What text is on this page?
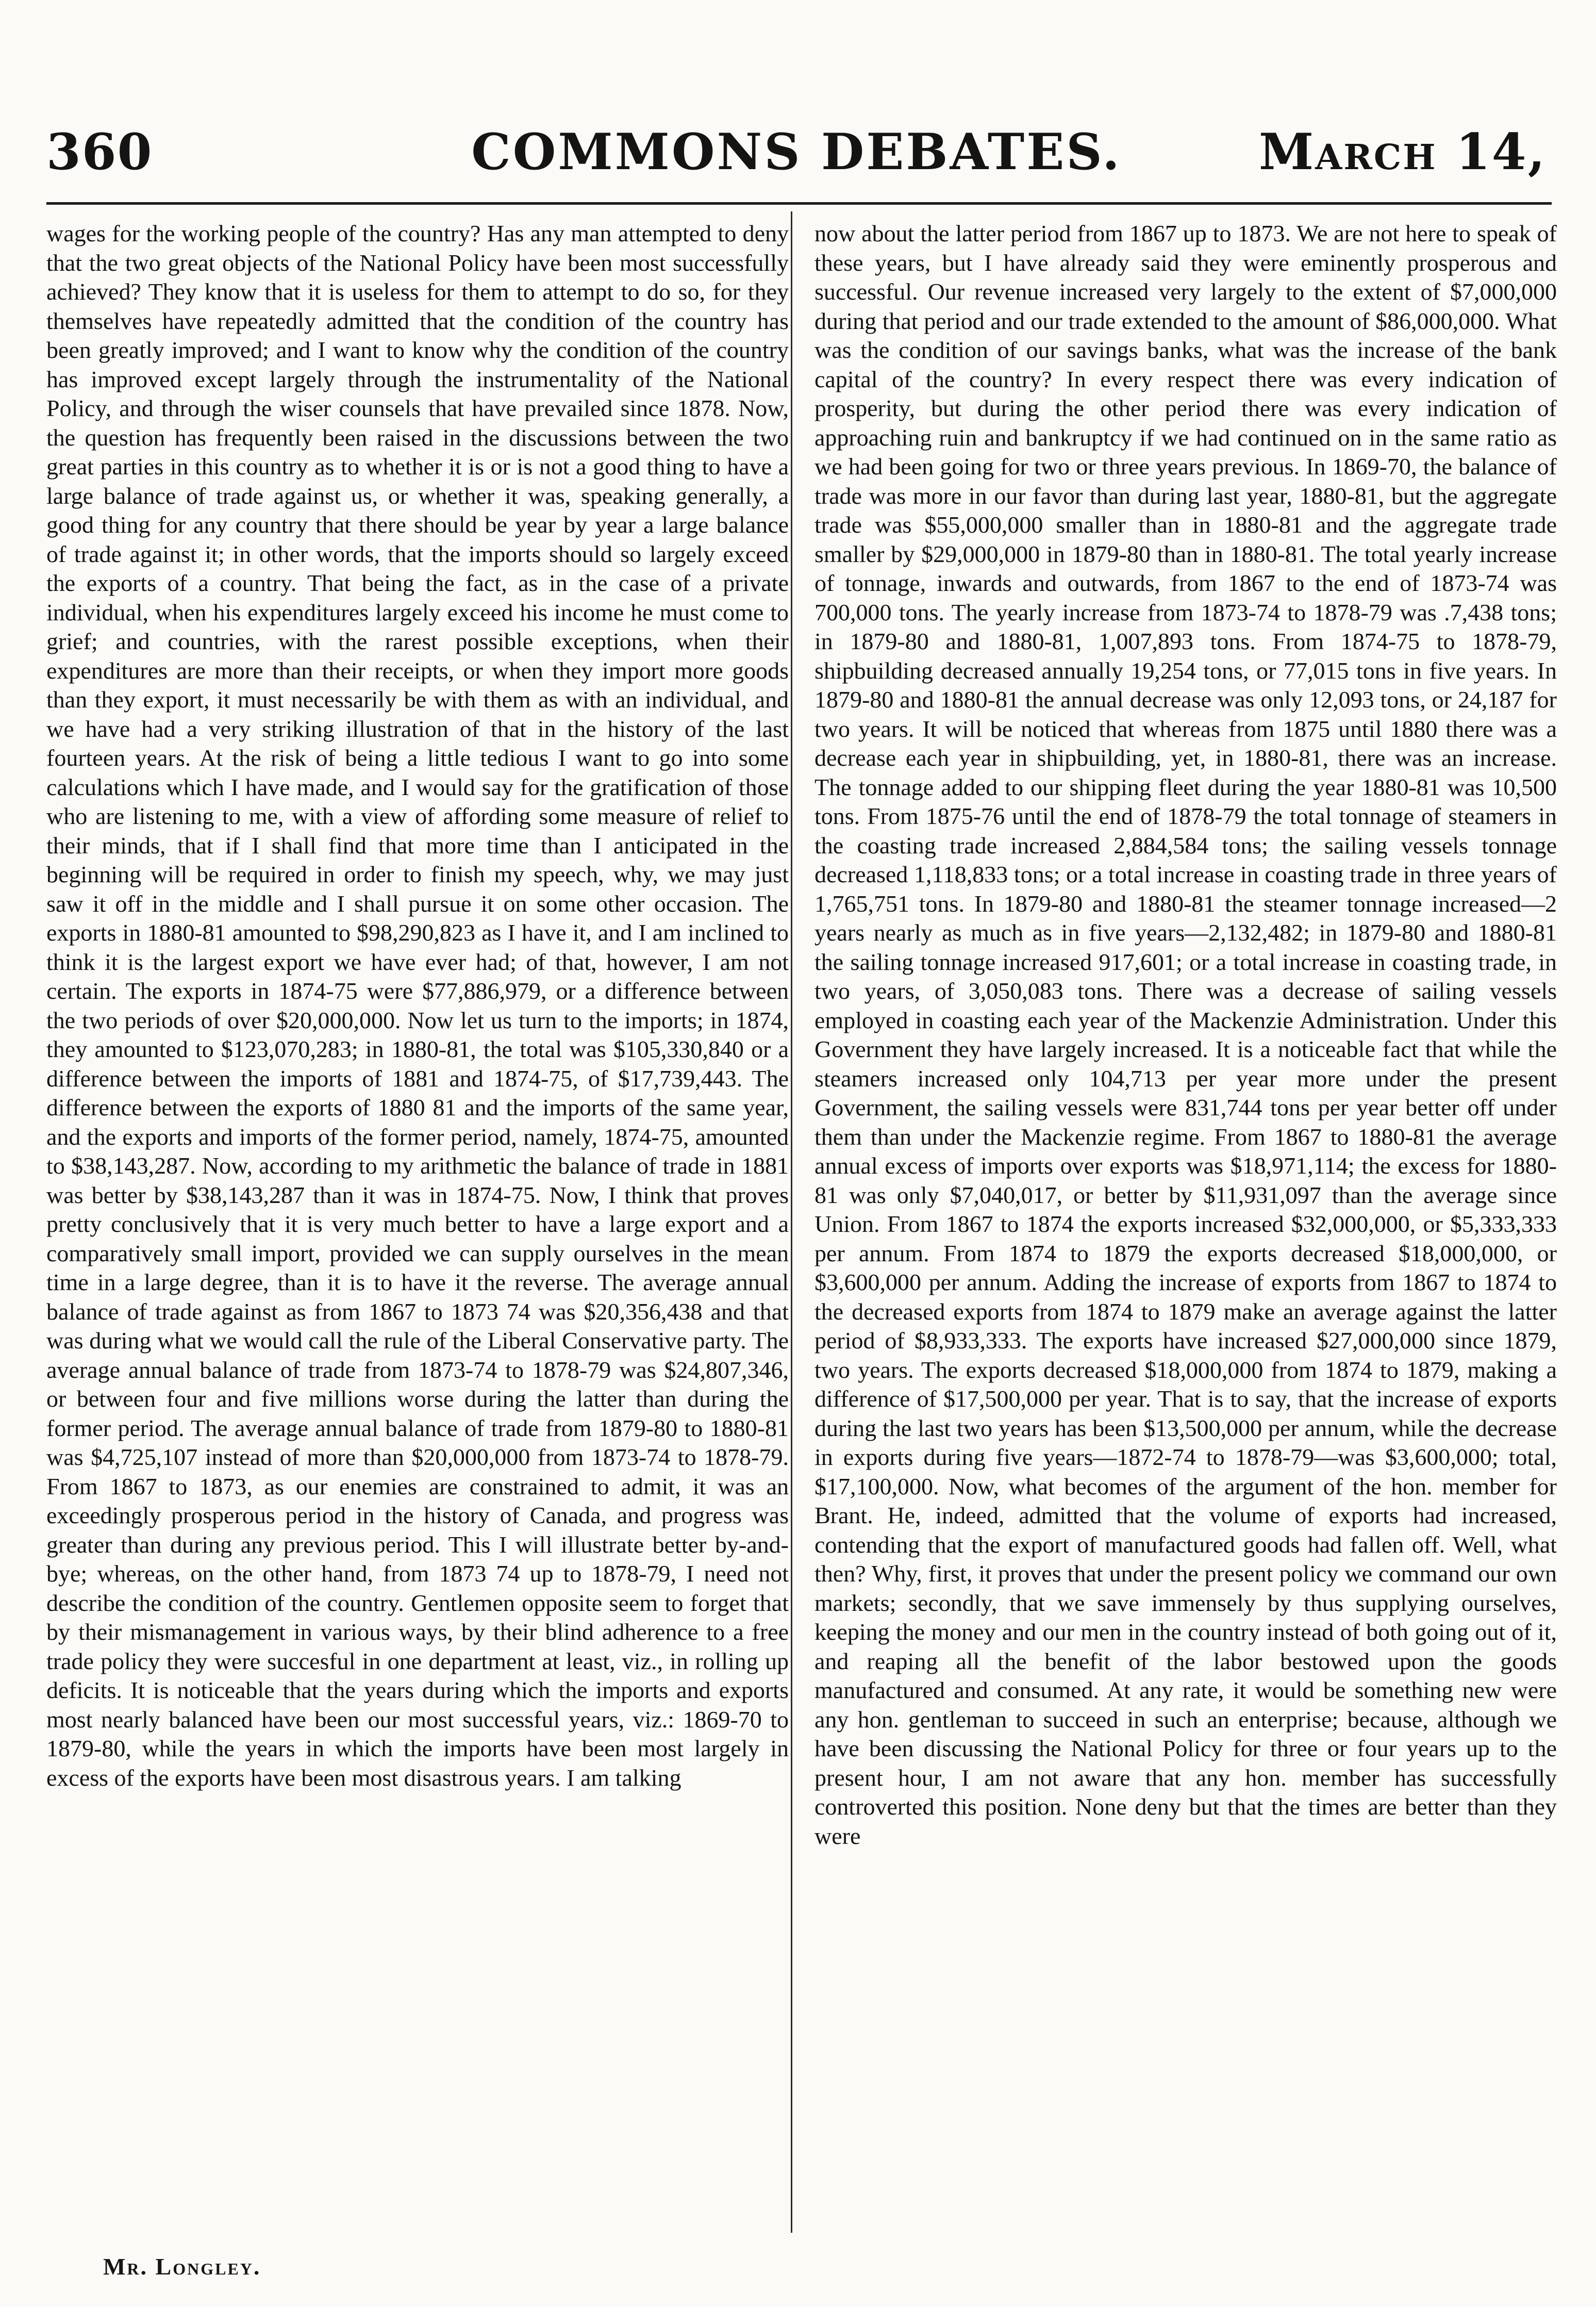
360	COMMONS DEBATES.	March 14,

wages for the working people of the country? Has any man attempted to deny that the two great objects of the National Policy have been most successfully achieved? They know that it is useless for them to attempt to do so, for they themselves have repeatedly admitted that the condition of the country has been greatly improved; and I want to know why the condition of the country has improved except largely through the instrumentality of the National Policy, and through the wiser counsels that have prevailed since 1878. Now, the question has frequently been raised in the discussions between the two great parties in this country as to whether it is or is not a good thing to have a large balance of trade against us, or whether it was, speaking generally, a good thing for any country that there should be year by year a large balance of trade against it; in other words, that the imports should so largely exceed the exports of a country. That being the fact, as in the case of a private individual, when his expenditures largely exceed his income he must come to grief; and countries, with the rarest possible exceptions, when their expenditures are more than their receipts, or when they import more goods than they export, it must necessarily be with them as with an individual, and we have had a very striking illustration of that in the history of the last fourteen years. At the risk of being a little tedious I want to go into some calculations which I have made, and I would say for the gratification of those who are listening to me, with a view of affording some measure of relief to their minds, that if I shall find that more time than I anticipated in the beginning will be required in order to finish my speech, why, we may just saw it off in the middle and I shall pursue it on some other occasion. The exports in 1880-81 amounted to $98,290,823 as I have it, and I am inclined to think it is the largest export we have ever had; of that, however, I am not certain. The exports in 1874-75 were $77,886,979, or a difference between the two periods of over $20,000,000. Now let us turn to the imports; in 1874, they amounted to $123,070,283; in 1880-81, the total was $105,330,840 or a difference between the imports of 1881 and 1874-75, of $17,739,443. The difference between the exports of 1880 81 and the imports of the same year, and the exports and imports of the former period, namely, 1874-75, amounted to $38,143,287. Now, according to my arithmetic the balance of trade in 1881 was better by $38,143,287 than it was in 1874-75. Now, I think that proves pretty conclusively that it is very much better to have a large export and a comparatively small import, provided we can supply ourselves in the mean time in a large degree, than it is to have it the reverse. The average annual balance of trade against as from 1867 to 1873 74 was $20,356,438 and that was during what we would call the rule of the Liberal Conservative party. The average annual balance of trade from 1873-74 to 1878-79 was $24,807,346, or between four and five millions worse during the latter than during the former period. The average annual balance of trade from 1879-80 to 1880-81 was $4,725,107 instead of more than $20,000,000 from 1873-74 to 1878-79. From 1867 to 1873, as our enemies are constrained to admit, it was an exceedingly prosperous period in the history of Canada, and progress was greater than during any previous period. This I will illustrate better by-and-bye; whereas, on the other hand, from 1873 74 up to 1878-79, I need not describe the condition of the country. Gentlemen opposite seem to forget that by their mismanagement in various ways, by their blind adherence to a free trade policy they were succesful in one department at least, viz., in rolling up deficits. It is noticeable that the years during which the imports and exports most nearly balanced have been our most successful years, viz.: 1869-70 to 1879-80, while the years in which the imports have been most largely in excess of the exports have been most disastrous years. I am talking

now about the latter period from 1867 up to 1873. We are not here to speak of these years, but I have already said they were eminently prosperous and successful. Our revenue increased very largely to the extent of $7,000,000 during that period and our trade extended to the amount of $86,000,000. What was the condition of our savings banks, what was the increase of the bank capital of the country? In every respect there was every indication of prosperity, but during the other period there was every indication of approaching ruin and bankruptcy if we had continued on in the same ratio as we had been going for two or three years previous. In 1869-70, the balance of trade was more in our favor than during last year, 1880-81, but the aggregate trade was $55,000,000 smaller than in 1880-81 and the aggregate trade smaller by $29,000,000 in 1879-80 than in 1880-81. The total yearly increase of tonnage, inwards and outwards, from 1867 to the end of 1873-74 was 700,000 tons. The yearly increase from 1873-74 to 1878-79 was .7,438 tons; in 1879-80 and 1880-81, 1,007,893 tons. From 1874-75 to 1878-79, shipbuilding decreased annually 19,254 tons, or 77,015 tons in five years. In 1879-80 and 1880-81 the annual decrease was only 12,093 tons, or 24,187 for two years. It will be noticed that whereas from 1875 until 1880 there was a decrease each year in shipbuilding, yet, in 1880-81, there was an increase. The tonnage added to our shipping fleet during the year 1880-81 was 10,500 tons. From 1875-76 until the end of 1878-79 the total tonnage of steamers in the coasting trade increased 2,884,584 tons; the sailing vessels tonnage decreased 1,118,833 tons; or a total increase in coasting trade in three years of 1,765,751 tons. In 1879-80 and 1880-81 the steamer tonnage increased—2 years nearly as much as in five years—2,132,482; in 1879-80 and 1880-81 the sailing tonnage increased 917,601; or a total increase in coasting trade, in two years, of 3,050,083 tons. There was a decrease of sailing vessels employed in coasting each year of the Mackenzie Administration. Under this Government they have largely increased. It is a noticeable fact that while the steamers increased only 104,713 per year more under the present Government, the sailing vessels were 831,744 tons per year better off under them than under the Mackenzie regime. From 1867 to 1880-81 the average annual excess of imports over exports was $18,971,114; the excess for 1880-81 was only $7,040,017, or better by $11,931,097 than the average since Union. From 1867 to 1874 the exports increased $32,000,000, or $5,333,333 per annum. From 1874 to 1879 the exports decreased $18,000,000, or $3,600,000 per annum. Adding the increase of exports from 1867 to 1874 to the decreased exports from 1874 to 1879 make an average against the latter period of $8,933,333. The exports have increased $27,000,000 since 1879, two years. The exports decreased $18,000,000 from 1874 to 1879, making a difference of $17,500,000 per year. That is to say, that the increase of exports during the last two years has been $13,500,000 per annum, while the decrease in exports during five years—1872-74 to 1878-79—was $3,600,000; total, $17,100,000. Now, what becomes of the argument of the hon. member for Brant. He, indeed, admitted that the volume of exports had increased, contending that the export of manufactured goods had fallen off. Well, what then? Why, first, it proves that under the present policy we command our own markets; secondly, that we save immensely by thus supplying ourselves, keeping the money and our men in the country instead of both going out of it, and reaping all the benefit of the labor bestowed upon the goods manufactured and consumed. At any rate, it would be something new were any hon. gentleman to succeed in such an enterprise; because, although we have been discussing the National Policy for three or four years up to the present hour, I am not aware that any hon. member has successfully controverted this position. None deny but that the times are better than they were

Mr. Longley.
